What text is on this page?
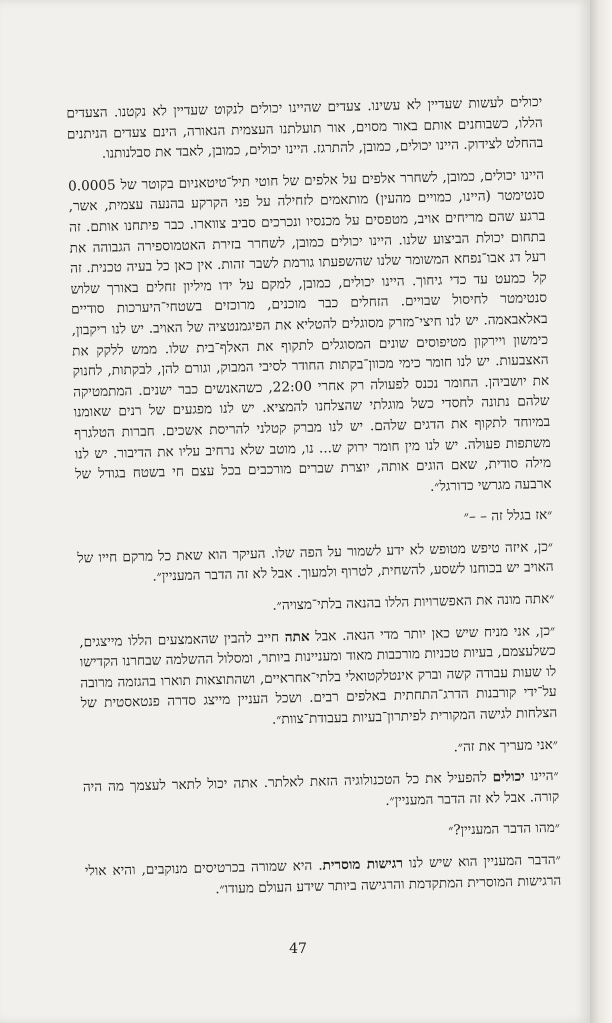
יכולים לעשות שעדיין לא עשינו. צעדים שהיינו יכולים לנקוט שעדיין לא נקטנו. הצעדים הללו, כשבוחנים אותם באור מסוים, אור תועלתנו העצמית הנאורה, הינם צעדים הניתנים בהחלט לצידוק. היינו יכולים, כמובן, להתרגז. היינו יכולים, כמובן, לאבד את סבלנותנו.

היינו יכולים, כמובן, לשחרר אלפים על אלפים של חוטי תיל־טיטאניום בקוטר של 0.0005 סנטימטר (היינו, כמויים מהעין) מותאמים לזחילה על פני הקרקע בהנעה עצמית, אשר, ברגע שהם מריחים אויב, מטפסים על מכנסיו ונכרכים סביב צווארו. כבר פיתחנו אותם. זה בתחום יכולת הביצוע שלנו. היינו יכולים כמובן, לשחרר בזירת האטמוספירה הגבוהה את רעל דג אבו־נפחא המשומר שלנו שהשפעתו גורמת לשבר זהות. אין כאן כל בעיה טכנית. זה קל כמעט עד כדי גיחוך. היינו יכולים, כמובן, למקם על ידו מיליון זחלים באורך שלוש סנטימטר לחיסול שבויים. הזחלים כבר מוכנים, מרוכזים בשטחי־היערכות סודיים באלאבאמה. יש לנו חיצי־מזרק מסוגלים להטליא את הפיגמנטציה של האויב. יש לנו ריקבון, כימשון ויירקון מטיפוסים שונים המסוגלים לתקוף את האלף־בית שלו. ממש ללקק את האצבעות. יש לנו חומר כימי מכוון־בקתות החודר לסיבי המבוק, וגורם להן, לבקתות, לחנוק את יושביהן. החומר נכנס לפעולה רק אחרי 22:00, כשהאנשים כבר ישנים. המתמטיקה שלהם נתונה לחסדי כשל מוגלתי שהצלחנו להמציא. יש לנו מפגעים של רנים שאומנו במיוחד לתקוף את הדגים שלהם. יש לנו מברק קטלני להריסת אשכים. חברות הטלגרף משתפות פעולה. יש לנו מין חומר ירוק ש... נו, מוטב שלא נרחיב עליו את הדיבור. יש לנו מילה סודית, שאם הוגים אותה, יוצרת שברים מורכבים בכל עצם חי בשטח בגודל של ארבעה מגרשי כדורגל״.

״אז בגלל זה – –״

״כן, איזה טיפש מטופש לא ידע לשמור על הפה שלו. העיקר הוא שאת כל מרקם חייו של האויב יש בכוחנו לשסע, להשחית, לטרוף ולמעוך. אבל לא זה הדבר המעניין״.

״אתה מונה את האפשרויות הללו בהנאה בלתי־מצויה״.

״כן, אני מניח שיש כאן יותר מדי הנאה. אבל אתה חייב להבין שהאמצעים הללו מייצגים, כשלעצמם, בעיות טכניות מורכבות מאוד ומעניינות ביותר, ומסלול ההשלמה שבחרנו הקדישו לו שעות עבודה קשה וברק אינטלקטואלי בלתי־אחראיים, ושהתוצאות תוארו בהגזמה מרובה על־ידי קורבנות הדרג־התחתית באלפים רבים. ושכל העניין מייצג סדרה פנטאסטית של הצלחות לגישה המקורית לפיתרון־בעיות בעבודת־צוות״.

״אני מעריך את זה״.

״היינו יכולים להפעיל את כל הטכנולוגיה הזאת לאלתר. אתה יכול לתאר לעצמך מה היה קורה. אבל לא זה הדבר המעניין״.

״מהו הדבר המעניין?״

״הדבר המעניין הוא שיש לנו רגישות מוסרית. היא שמורה בכרטיסים מנוקבים, והיא אולי הרגישות המוסרית המתקדמת והרגישה ביותר שידע העולם מעודו״.

47
